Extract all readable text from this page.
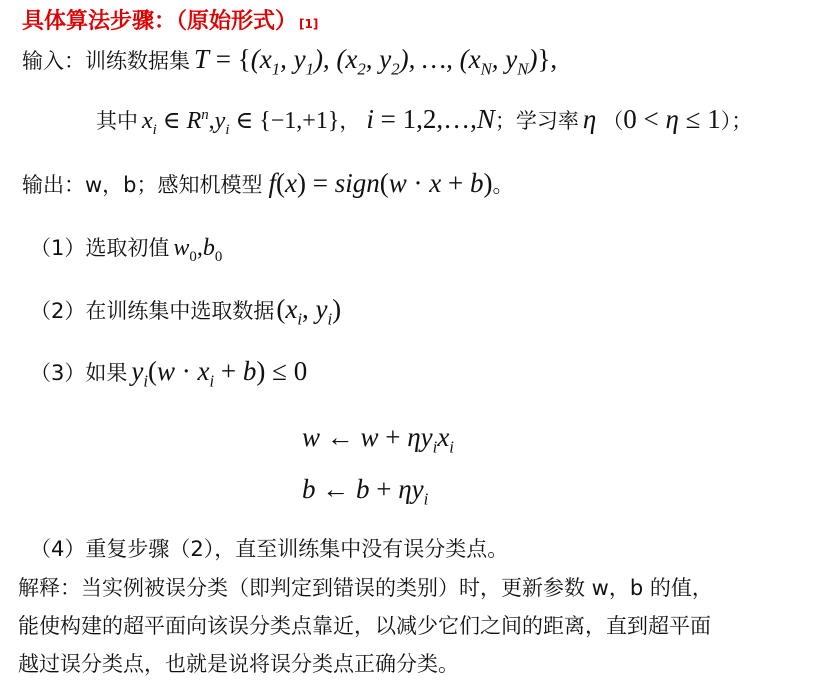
具体算法步骤：（原始形式） [1]
输入： 训练数据集 $T = \{(x_1$, $y_1$), ($x_2$, $y_2$), …, ($x_N$, $y_N$)},
其中 $x_i$ ∈ $R^n,y_i$ ∈ {−1,+1} ， i = 1,2,…,N ； 学习率 η （ 0 < η ≤ 1 ）；
输出： w，b；感知机模型 f(x) = sign(w · x + b) 。
（1）选取初值 $w_0,b_0$
（2）在训练集中选取数据 ($x_i$, $y_i$)
（3）如果 $y_i(w \cdot x_i + b) \le 0$
w ← $w + \eta y_ix_i$
b ← $b + \eta y_i$
（4）重复步骤（2），直至训练集中没有误分类点。
解释：当实例被误分类（即判定到错误的类别）时，更新参数 w，b 的值，
能使构建的超平面向该误分类点靠近，以减少它们之间的距离，直到超平面
越过误分类点，也就是说将误分类点正确分类。
